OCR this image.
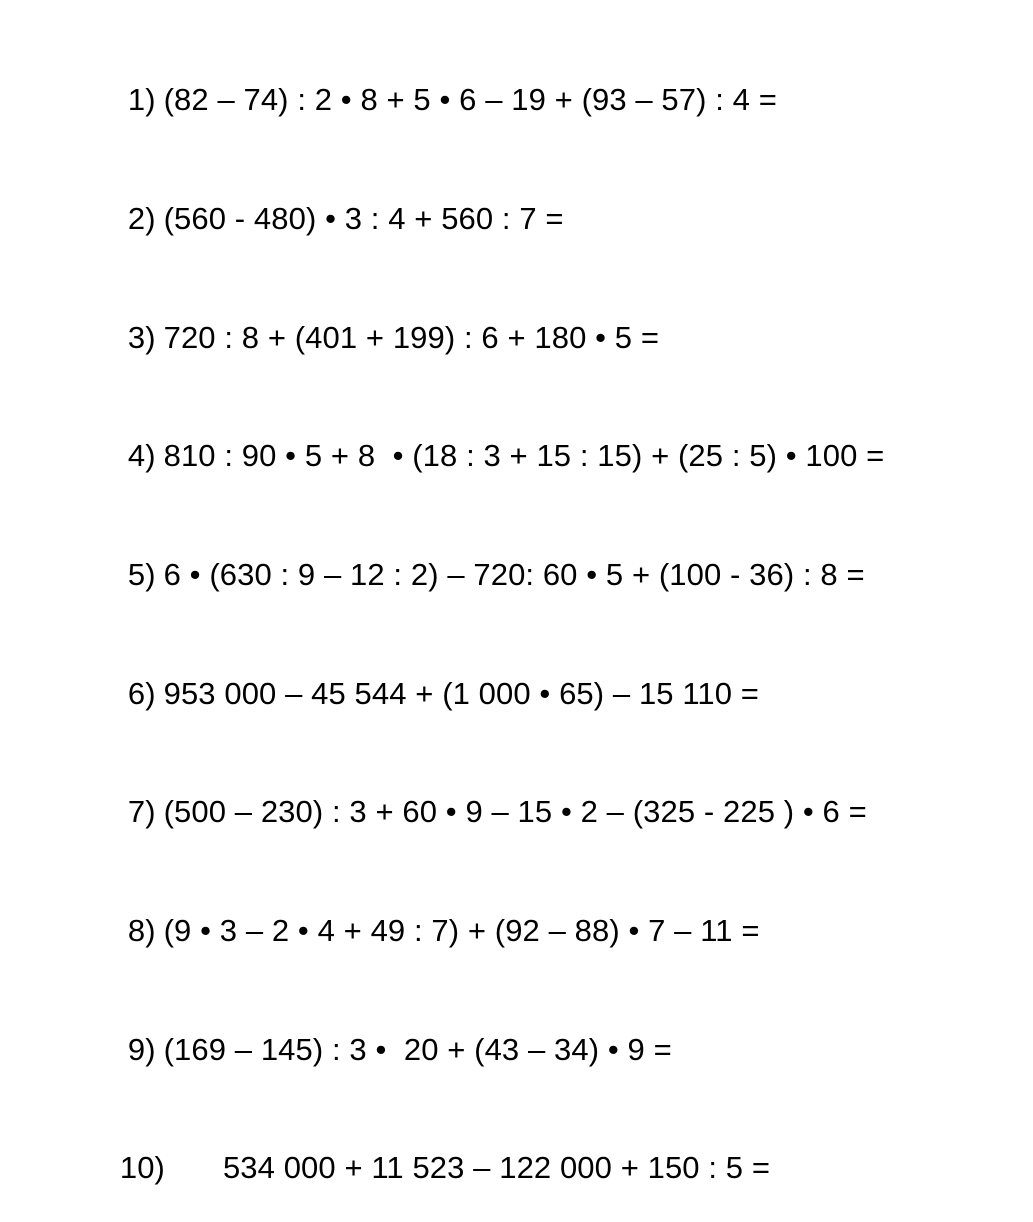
1) (82 – 74) : 2 • 8 + 5 • 6 – 19 + (93 – 57) : 4 =

2) (560 - 480) • 3 : 4 + 560 : 7 =

3) 720 : 8 + (401 + 199) : 6 + 180 • 5 =

4) 810 : 90 • 5 + 8  • (18 : 3 + 15 : 15) + (25 : 5) • 100 =

5) 6 • (630 : 9 – 12 : 2) – 720: 60 • 5 + (100 - 36) : 8 =

6) 953 000 – 45 544 + (1 000 • 65) – 15 110 =

7) (500 – 230) : 3 + 60 • 9 – 15 • 2 – (325 - 225 ) • 6 =

8) (9 • 3 – 2 • 4 + 49 : 7) + (92 – 88) • 7 – 11 =

9) (169 – 145) : 3 •  20 + (43 – 34) • 9 =

10) 534 000 + 11 523 – 122 000 + 150 : 5 =
